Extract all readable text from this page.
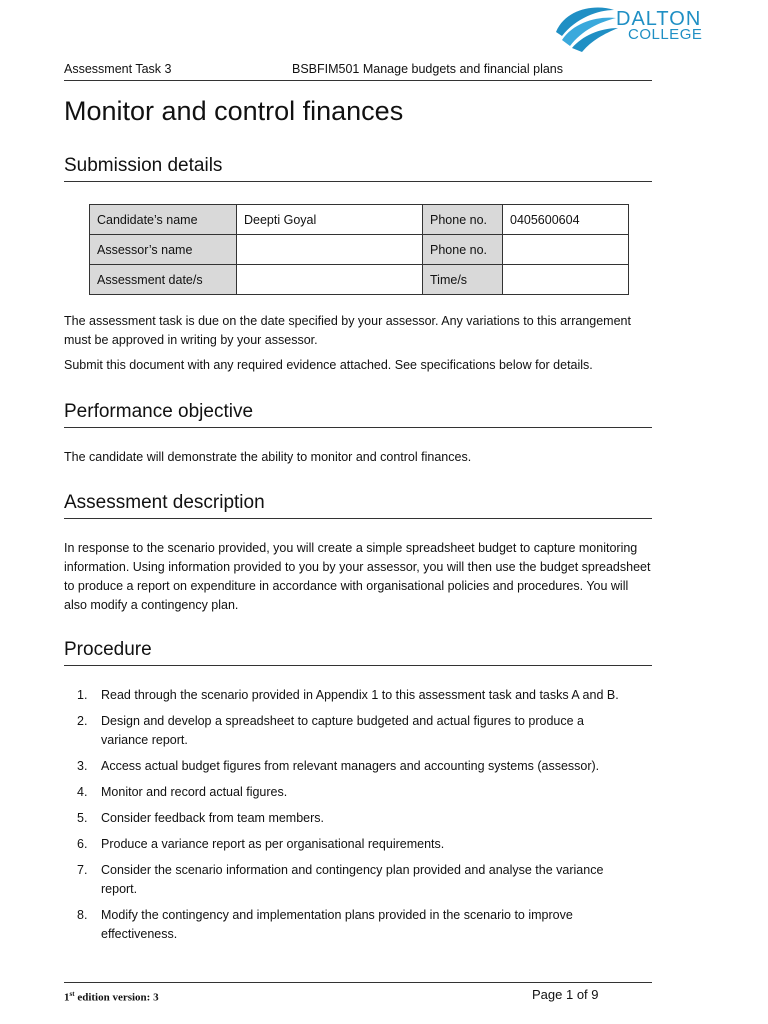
DALTON
COLLEGE
Assessment Task 3	BSBFIM501 Manage budgets and financial plans
Monitor and control finances
Submission details
Candidate’s name	Deepti Goyal	Phone no.	0405600604
Assessor’s name		Phone no.	
Assessment date/s		Time/s	

The assessment task is due on the date specified by your assessor. Any variations to this arrangement must be approved in writing by your assessor.

Submit this document with any required evidence attached. See specifications below for details.

Performance objective

The candidate will demonstrate the ability to monitor and control finances.

Assessment description

In response to the scenario provided, you will create a simple spreadsheet budget to capture monitoring information. Using information provided to you by your assessor, you will then use the budget spreadsheet to produce a report on expenditure in accordance with organisational policies and procedures. You will also modify a contingency plan.

Procedure
1. Read through the scenario provided in Appendix 1 to this assessment task and tasks A and B.
2. Design and develop a spreadsheet to capture budgeted and actual figures to produce a variance report.
3. Access actual budget figures from relevant managers and accounting systems (assessor).
4. Monitor and record actual figures.
5. Consider feedback from team members.
6. Produce a variance report as per organisational requirements.
7. Consider the scenario information and contingency plan provided and analyse the variance report.
8. Modify the contingency and implementation plans provided in the scenario to improve effectiveness.
1st edition version: 3	Page 1 of 9
